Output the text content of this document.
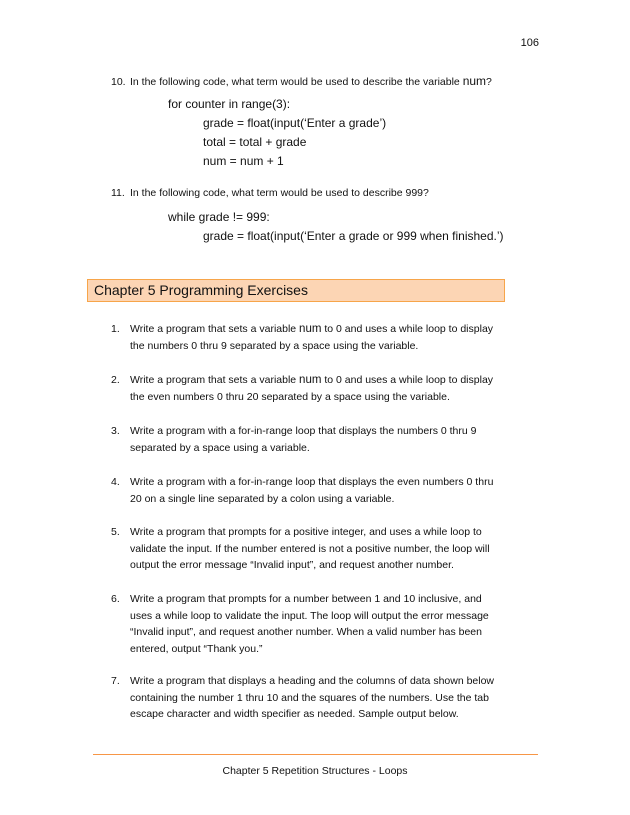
106
10. In the following code, what term would be used to describe the variable num?
for counter in range(3):
grade = float(input(‘Enter a grade’)
total = total + grade
num = num + 1
11. In the following code, what term would be used to describe 999?
while grade != 999:
grade = float(input(‘Enter a grade or 999 when finished.’)
Chapter 5 Programming Exercises
1. Write a program that sets a variable num to 0 and uses a while loop to display
the numbers 0 thru 9 separated by a space using the variable.
2. Write a program that sets a variable num to 0 and uses a while loop to display
the even numbers 0 thru 20 separated by a space using the variable.
3. Write a program with a for-in-range loop that displays the numbers 0 thru 9
separated by a space using a variable.
4. Write a program with a for-in-range loop that displays the even numbers 0 thru
20 on a single line separated by a colon using a variable.
5. Write a program that prompts for a positive integer, and uses a while loop to
validate the input. If the number entered is not a positive number, the loop will
output the error message “Invalid input”, and request another number.
6. Write a program that prompts for a number between 1 and 10 inclusive, and
uses a while loop to validate the input. The loop will output the error message
“Invalid input”, and request another number. When a valid number has been
entered, output “Thank you.”
7. Write a program that displays a heading and the columns of data shown below
containing the number 1 thru 10 and the squares of the numbers. Use the tab
escape character and width specifier as needed. Sample output below.
Chapter 5 Repetition Structures - Loops
